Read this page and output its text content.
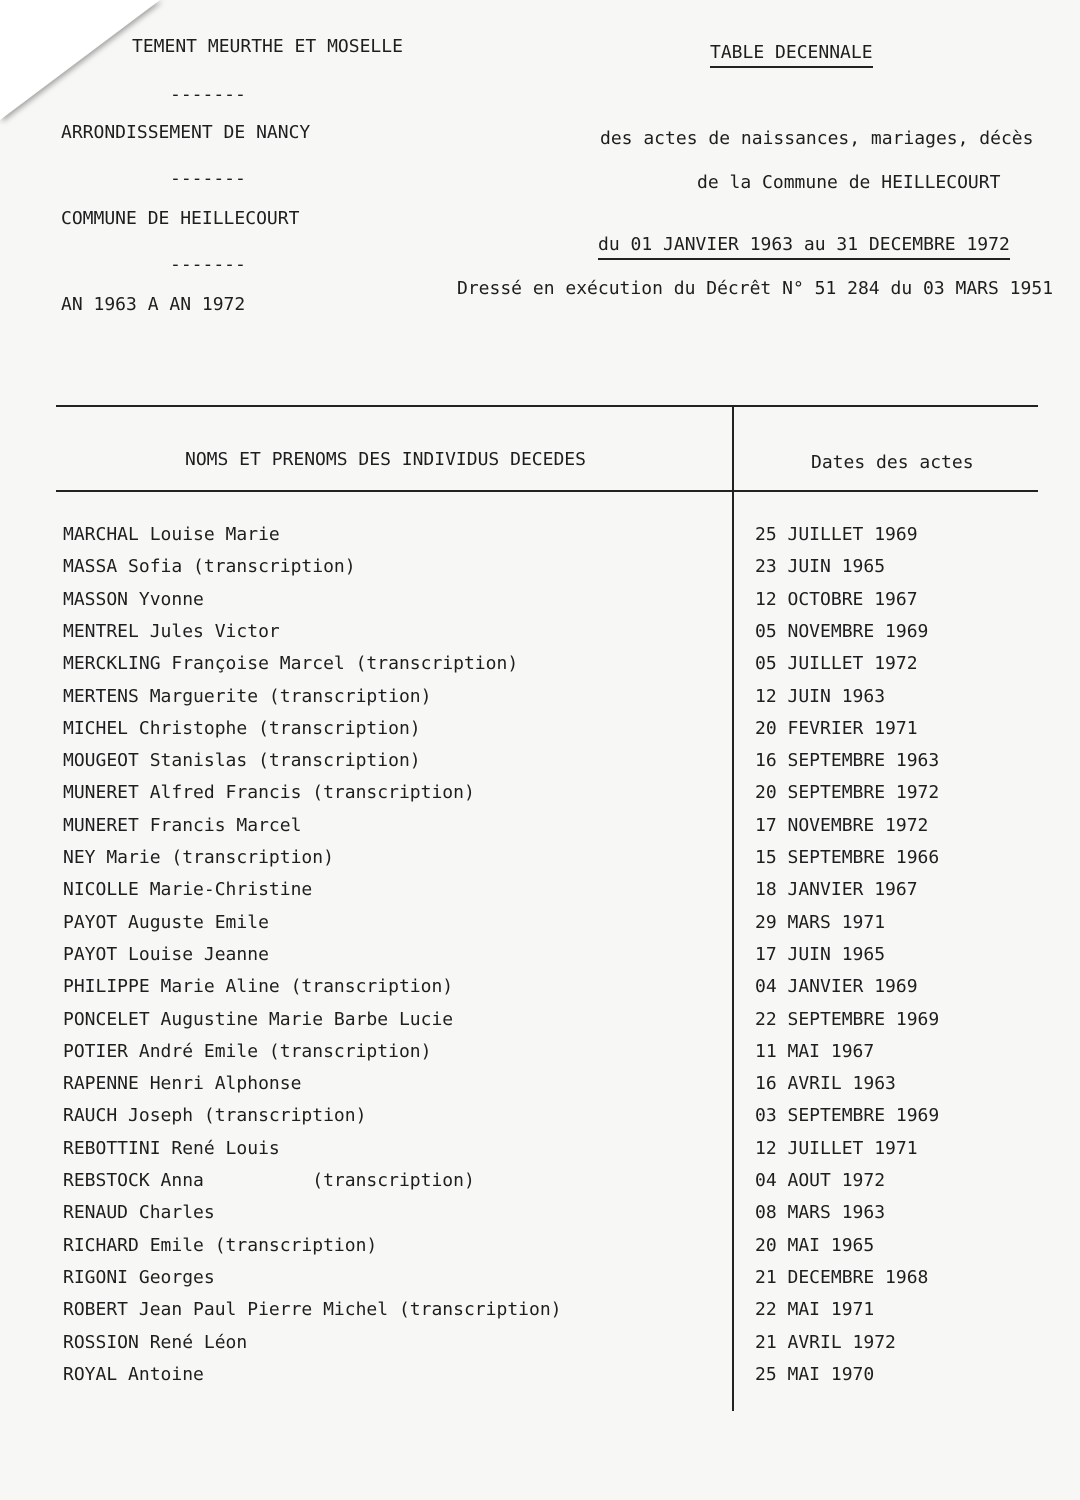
TEMENT MEURTHE ET MOSELLE
-------
ARRONDISSEMENT DE NANCY
-------
COMMUNE DE HEILLECOURT
-------
AN 1963 A AN 1972
TABLE DECENNALE
des actes de naissances, mariages, décès
de la Commune de HEILLECOURT
du 01 JANVIER 1963 au 31 DECEMBRE 1972
Dressé en exécution du Décrêt N° 51 284 du 03 MARS 1951
NOMS ET PRENOMS DES INDIVIDUS DECEDES	Dates des actes
MARCHAL Louise Marie	25 JUILLET 1969
MASSA Sofia (transcription)	23 JUIN 1965
MASSON Yvonne	12 OCTOBRE 1967
MENTREL Jules Victor	05 NOVEMBRE 1969
MERCKLING Françoise Marcel (transcription)	05 JUILLET 1972
MERTENS Marguerite (transcription)	12 JUIN 1963
MICHEL Christophe (transcription)	20 FEVRIER 1971
MOUGEOT Stanislas (transcription)	16 SEPTEMBRE 1963
MUNERET Alfred Francis (transcription)	20 SEPTEMBRE 1972
MUNERET Francis Marcel	17 NOVEMBRE 1972
NEY Marie (transcription)	15 SEPTEMBRE 1966
NICOLLE Marie-Christine	18 JANVIER 1967
PAYOT Auguste Emile	29 MARS 1971
PAYOT Louise Jeanne	17 JUIN 1965
PHILIPPE Marie Aline (transcription)	04 JANVIER 1969
PONCELET Augustine Marie Barbe Lucie	22 SEPTEMBRE 1969
POTIER André Emile (transcription)	11 MAI 1967
RAPENNE Henri Alphonse	16 AVRIL 1963
RAUCH Joseph (transcription)	03 SEPTEMBRE 1969
REBOTTINI René Louis	12 JUILLET 1971
REBSTOCK Anna          (transcription)	04 AOUT 1972
RENAUD Charles	08 MARS 1963
RICHARD Emile (transcription)	20 MAI 1965
RIGONI Georges	21 DECEMBRE 1968
ROBERT Jean Paul Pierre Michel (transcription)	22 MAI 1971
ROSSION René Léon	21 AVRIL 1972
ROYAL Antoine	25 MAI 1970
